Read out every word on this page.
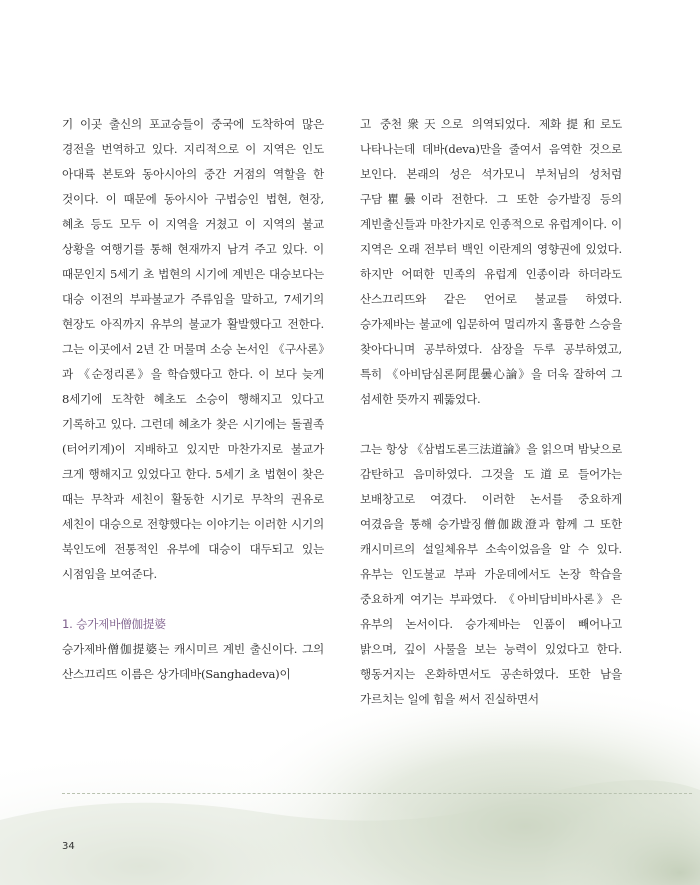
기 이곳 출신의 포교승들이 중국에 도착하여 많은 경전을 번역하고 있다. 지리적으로 이 지역은 인도 아대륙 본토와 동아시아의 중간 거점의 역할을 한 것이다. 이 때문에 동아시아 구법승인 법현, 현장, 혜초 등도 모두 이 지역을 거쳤고 이 지역의 불교 상황을 여행기를 통해 현재까지 남겨 주고 있다. 이 때문인지 5세기 초 법현의 시기에 계빈은 대승보다는 대승 이전의 부파불교가 주류임을 말하고, 7세기의 현장도 아직까지 유부의 불교가 활발했다고 전한다. 그는 이곳에서 2년 간 머물며 소승 논서인 《구사론》과 《순정리론》을 학습했다고 한다. 이 보다 늦게 8세기에 도착한 혜초도 소승이 행해지고 있다고 기록하고 있다. 그런데 혜초가 찾은 시기에는 돌궐족(터어키계)이 지배하고 있지만 마찬가지로 불교가 크게 행해지고 있었다고 한다. 5세기 초 법현이 찾은 때는 무착과 세친이 활동한 시기로 무착의 권유로 세친이 대승으로 전향했다는 이야기는 이러한 시기의 북인도에 전통적인 유부에 대승이 대두되고 있는 시점임을 보여준다.

1. 승가제바僧伽提婆

승가제바僧伽提婆는 캐시미르 계빈 출신이다. 그의 산스끄리뜨 이름은 상가데바(Sanghadeva)이

고 중천衆天으로 의역되었다. 제화提和로도 나타나는데 데바(deva)만을 줄여서 음역한 것으로 보인다. 본래의 성은 석가모니 부처님의 성처럼 구담瞿曇이라 전한다. 그 또한 승가발징 등의 계빈출신들과 마찬가지로 인종적으로 유럽계이다. 이 지역은 오래 전부터 백인 이란계의 영향권에 있었다. 하지만 어떠한 민족의 유럽계 인종이라 하더라도 산스끄리뜨와 같은 언어로 불교를 하였다. 승가제바는 불교에 입문하여 멀리까지 훌륭한 스승을 찾아다니며 공부하였다. 삼장을 두루 공부하였고, 특히 《아비담심론阿毘曇心論》을 더욱 잘하여 그 섬세한 뜻까지 꿰뚫었다.

그는 항상 《삼법도론三法道論》을 읽으며 밤낮으로 감탄하고 음미하였다. 그것을 도道로 들어가는 보배창고로 여겼다. 이러한 논서를 중요하게 여겼음을 통해 승가발징僧伽跋澄과 함께 그 또한 캐시미르의 설일체유부 소속이었음을 알 수 있다. 유부는 인도불교 부파 가운데에서도 논장 학습을 중요하게 여기는 부파였다. 《아비담비바사론》은 유부의 논서이다. 승가제바는 인품이 빼어나고 밝으며, 깊이 사물을 보는 능력이 있었다고 한다. 행동거지는 온화하면서도 공손하였다. 또한 남을 가르치는 일에 힘을 써서 진실하면서

34
